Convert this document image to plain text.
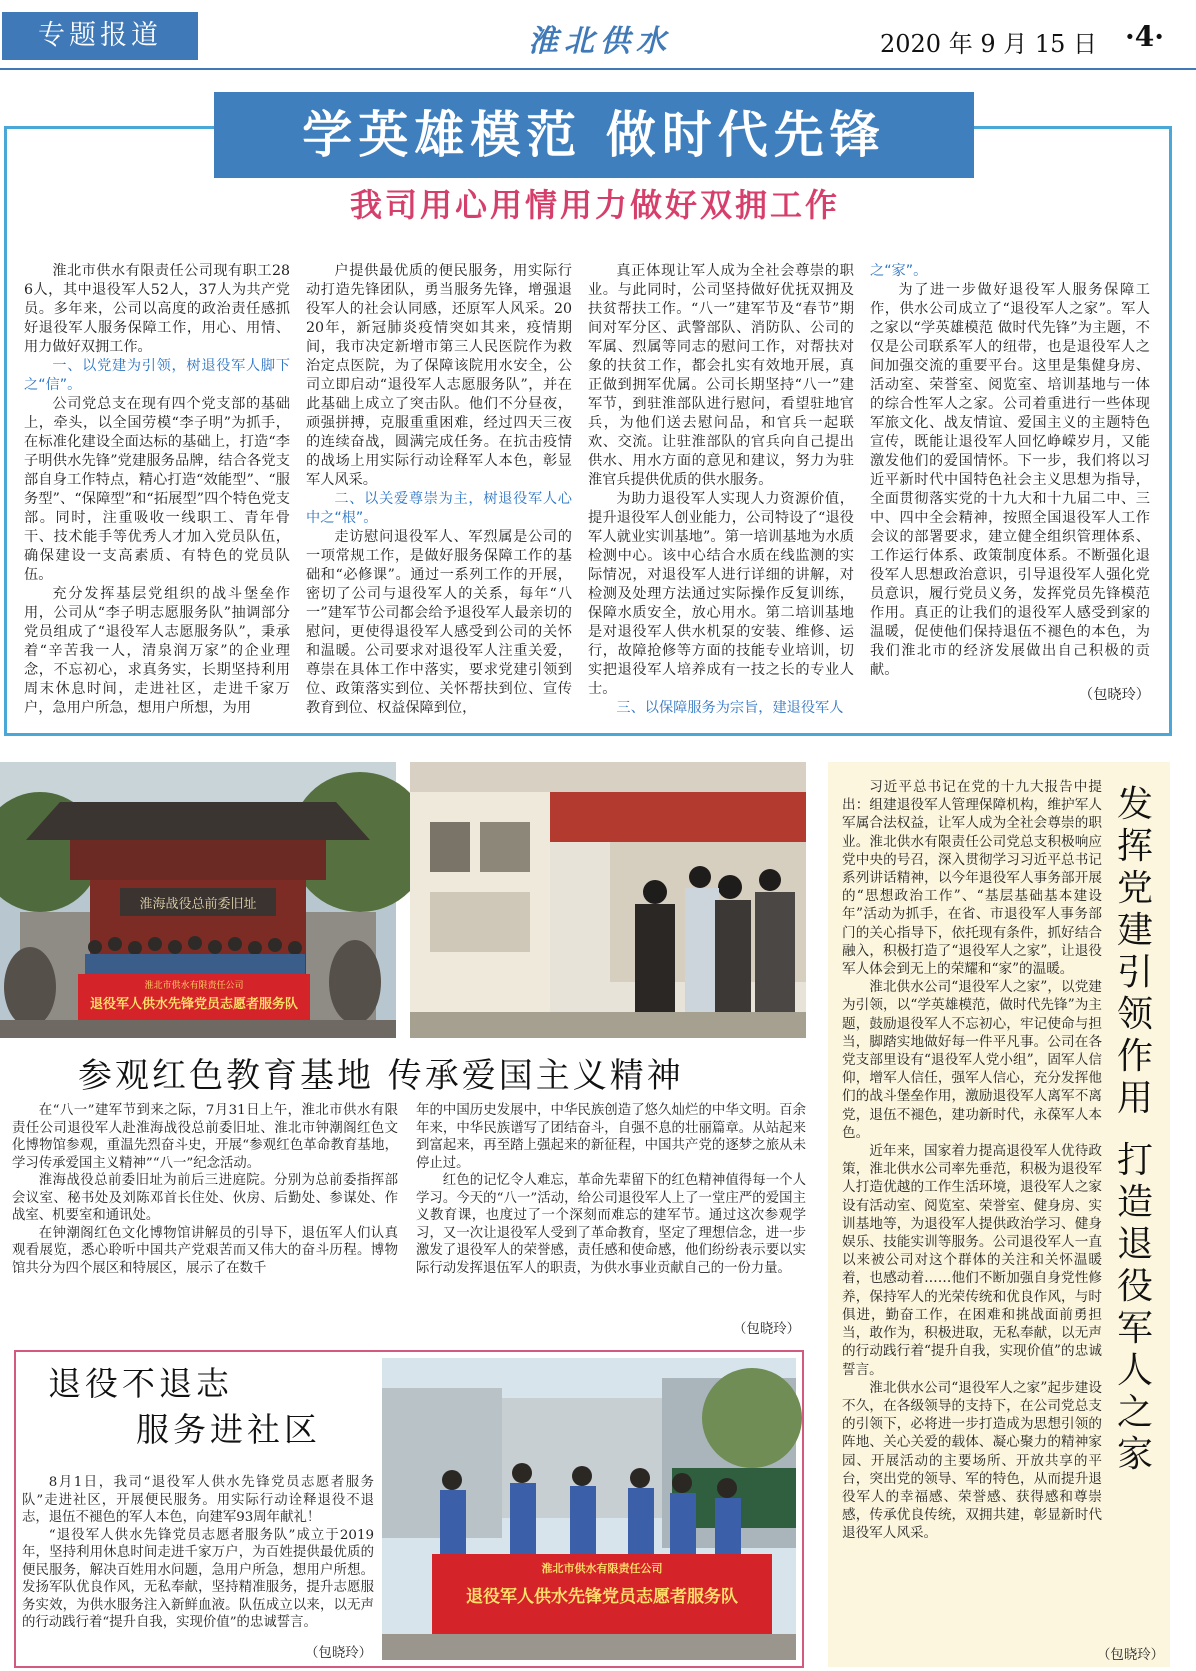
专题报道	淮北供水	2020 年 9 月 15 日 ·4·
学英雄模范 做时代先锋
我司用心用情用力做好双拥工作

淮北市供水有限责任公司现有职工286人，其中退役军人52人，37人为共产党员。多年来，公司以高度的政治责任感抓好退役军人服务保障工作，用心、用情、用力做好双拥工作。

一、以党建为引领，树退役军人脚下之“信”。

公司党总支在现有四个党支部的基础上，牵头，以全国劳模“李子明”为抓手，在标准化建设全面达标的基础上，打造“李子明供水先锋”党建服务品牌，结合各党支部自身工作特点，精心打造“效能型”、“服务型”、“保障型”和“拓展型”四个特色党支部。同时，注重吸收一线职工、青年骨干、技术能手等优秀人才加入党员队伍，确保建设一支高素质、有特色的党员队伍。

充分发挥基层党组织的战斗堡垒作用，公司从“李子明志愿服务队”抽调部分党员组成了“退役军人志愿服务队”，秉承着“辛苦我一人，清泉润万家”的企业理念，不忘初心，求真务实，长期坚持利用周末休息时间，走进社区，走进千家万户，急用户所急，想用户所想，为用

户提供最优质的便民服务，用实际行动打造先锋团队，勇当服务先锋，增强退役军人的社会认同感，还原军人风采。2020年，新冠肺炎疫情突如其来，疫情期间，我市决定新增市第三人民医院作为救治定点医院，为了保障该院用水安全，公司立即启动“退役军人志愿服务队”，并在此基础上成立了突击队。他们不分昼夜，顽强拼搏，克服重重困难，经过四天三夜的连续奋战，圆满完成任务。在抗击疫情的战场上用实际行动诠释军人本色，彰显军人风采。

二、以关爱尊崇为主，树退役军人心中之“根”。

走访慰问退役军人、军烈属是公司的一项常规工作，是做好服务保障工作的基础和“必修课”。通过一系列工作的开展，密切了公司与退役军人的关系，每年“八一”建军节公司都会给予退役军人最亲切的慰问，更使得退役军人感受到公司的关怀和温暖。公司要求对退役军人注重关爱，尊崇在具体工作中落实，要求党建引领到位、政策落实到位、关怀帮扶到位、宣传教育到位、权益保障到位，

真正体现让军人成为全社会尊崇的职业。与此同时，公司坚持做好优抚双拥及扶贫帮扶工作。“八一”建军节及“春节”期间对军分区、武警部队、消防队、公司的军属、烈属等同志的慰问工作，对帮扶对象的扶贫工作，都会扎实有效地开展，真正做到拥军优属。公司长期坚持“八一”建军节，到驻淮部队进行慰问，看望驻地官兵，为他们送去慰问品，和官兵一起联欢、交流。让驻淮部队的官兵向自己提出供水、用水方面的意见和建议，努力为驻淮官兵提供优质的供水服务。

为助力退役军人实现人力资源价值，提升退役军人创业能力，公司特设了“退役军人就业实训基地”。第一培训基地为水质检测中心。该中心结合水质在线监测的实际情况，对退役军人进行详细的讲解，对检测及处理方法通过实际操作反复训练，保障水质安全，放心用水。第二培训基地是对退役军人供水机泵的安装、维修、运行，故障抢修等方面的技能专业培训，切实把退役军人培养成有一技之长的专业人士。

三、以保障服务为宗旨，建退役军人
之“家”。

为了进一步做好退役军人服务保障工作，供水公司成立了“退役军人之家”。军人之家以“学英雄模范 做时代先锋”为主题，不仅是公司联系军人的纽带，也是退役军人之间加强交流的重要平台。这里是集健身房、活动室、荣誉室、阅览室、培训基地与一体的综合性军人之家。公司着重进行一些体现军旅文化、战友情谊、爱国主义的主题特色宣传，既能让退役军人回忆峥嵘岁月，又能激发他们的爱国情怀。下一步，我们将以习近平新时代中国特色社会主义思想为指导，全面贯彻落实党的十九大和十九届二中、三中、四中全会精神，按照全国退役军人工作会议的部署要求，建立健全组织管理体系、工作运行体系、政策制度体系。不断强化退役军人思想政治意识，引导退役军人强化党员意识，履行党员义务，发挥党员先锋模范作用。真正的让我们的退役军人感受到家的温暖，促使他们保持退伍不褪色的本色，为我们淮北市的经济发展做出自己积极的贡献。

（包晓玲）
淮海战役总前委旧址
淮北市供水有限责任公司
退役军人供水先锋党员志愿者服务队
参观红色教育基地 传承爱国主义精神

在“八一”建军节到来之际，7月31日上午，淮北市供水有限责任公司退役军人赴淮海战役总前委旧址、淮北市钟潮阁红色文化博物馆参观，重温先烈奋斗史，开展“参观红色革命教育基地，学习传承爱国主义精神”“八一”纪念活动。

淮海战役总前委旧址为前后三进庭院。分别为总前委指挥部会议室、秘书处及刘陈邓首长住处、伙房、后勤处、参谋处、作战室、机要室和通讯处。

在钟潮阁红色文化博物馆讲解员的引导下，退伍军人们认真观看展览，悉心聆听中国共产党艰苦而又伟大的奋斗历程。博物馆共分为四个展区和特展区，展示了在数千

年的中国历史发展中，中华民族创造了悠久灿烂的中华文明。百余年来，中华民族谱写了团结奋斗，自强不息的壮丽篇章。从站起来到富起来，再至踏上强起来的新征程，中国共产党的逐梦之旅从未停止过。

红色的记忆令人难忘，革命先辈留下的红色精神值得每一个人学习。今天的“八一”活动，给公司退役军人上了一堂庄严的爱国主义教育课，也度过了一个深刻而难忘的建军节。通过这次参观学习，又一次让退役军人受到了革命教育，坚定了理想信念，进一步激发了退役军人的荣誉感，责任感和使命感，他们纷纷表示要以实际行动发挥退伍军人的职责，为供水事业贡献自己的一份力量。

（包晓玲）
退役不退志
服务进社区

8月1日，我司“退役军人供水先锋党员志愿者服务队”走进社区，开展便民服务。用实际行动诠释退役不退志，退伍不褪色的军人本色，向建军93周年献礼！

“退役军人供水先锋党员志愿者服务队”成立于2019年，坚持利用休息时间走进千家万户，为百姓提供最优质的便民服务，解决百姓用水问题，急用户所急，想用户所想。发扬军队优良作风，无私奉献，坚持精准服务，提升志愿服务实效，为供水服务注入新鲜血液。队伍成立以来，以无声的行动践行着“提升自我，实现价值”的忠诚誓言。

（包晓玲）
淮北市供水有限责任公司
退役军人供水先锋党员志愿者服务队
发
挥
党
建
引
领
作
用

打
造
退
役
军
人
之
家

习近平总书记在党的十九大报告中提出：组建退役军人管理保障机构，维护军人军属合法权益，让军人成为全社会尊崇的职业。淮北供水有限责任公司党总支积极响应党中央的号召，深入贯彻学习习近平总书记系列讲话精神，以今年退役军人事务部开展的“思想政治工作”、“基层基础基本建设年”活动为抓手，在省、市退役军人事务部门的关心指导下，依托现有条件，抓好结合融入，积极打造了“退役军人之家”，让退役军人体会到无上的荣耀和“家”的温暖。

淮北供水公司“退役军人之家”，以党建为引领，以“学英雄模范，做时代先锋”为主题，鼓励退役军人不忘初心，牢记使命与担当，脚踏实地做好每一件平凡事。公司在各党支部里设有“退役军人党小组”，固军人信仰，增军人信任，强军人信心，充分发挥他们的战斗堡垒作用，激励退役军人离军不离党，退伍不褪色，建功新时代，永葆军人本色。

近年来，国家着力提高退役军人优待政策，淮北供水公司率先垂范，积极为退役军人打造优越的工作生活环境，退役军人之家设有活动室、阅览室、荣誉室、健身房、实训基地等，为退役军人提供政治学习、健身娱乐、技能实训等服务。公司退役军人一直以来被公司对这个群体的关注和关怀温暖着，也感动着……他们不断加强自身党性修养，保持军人的光荣传统和优良作风，与时俱进，勤奋工作，在困难和挑战面前勇担当，敢作为，积极进取，无私奉献，以无声的行动践行着“提升自我，实现价值”的忠诚誓言。

淮北供水公司“退役军人之家”起步建设不久，在各级领导的支持下，在公司党总支的引领下，必将进一步打造成为思想引领的阵地、关心关爱的载体、凝心聚力的精神家园、开展活动的主要场所、开放共享的平台，突出党的领导、军的特色，从而提升退役军人的幸福感、荣誉感、获得感和尊崇感，传承优良传统，双拥共建，彰显新时代退役军人风采。

（包晓玲）
